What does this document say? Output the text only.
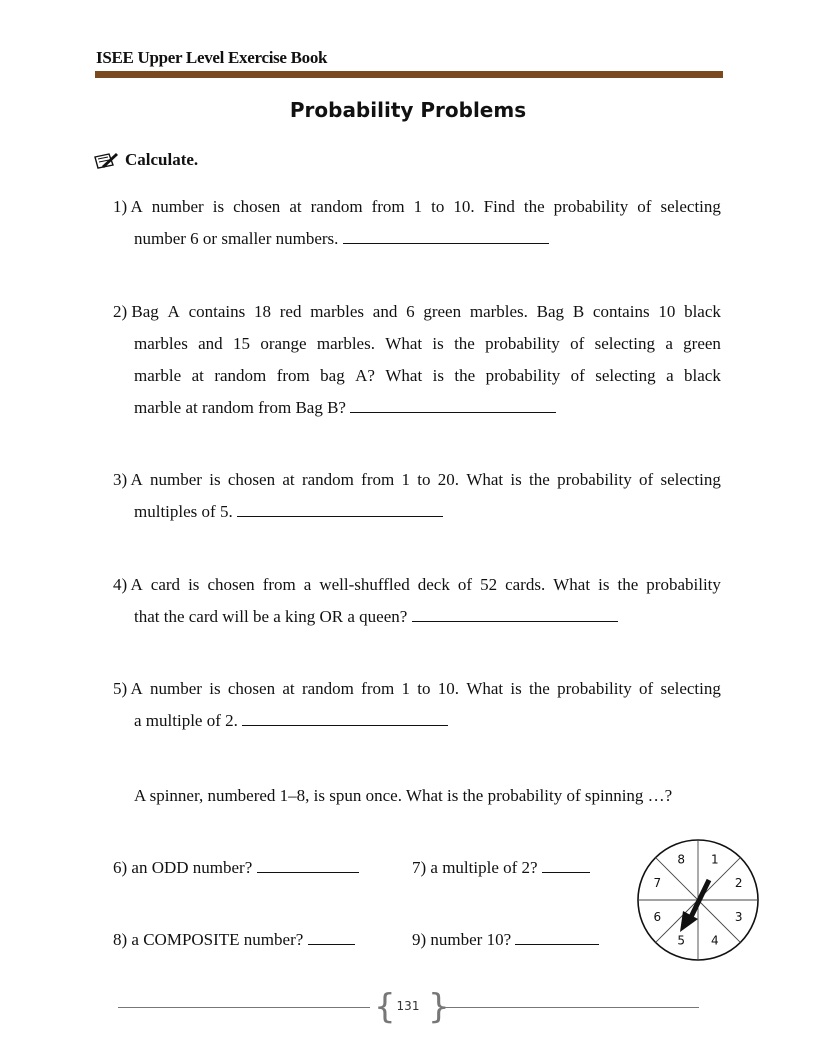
ISEE Upper Level Exercise Book
Probability Problems
Calculate.
1) A number is chosen at random from 1 to 10. Find the probability of selecting
number 6 or smaller numbers.
2) Bag A contains 18 red marbles and 6 green marbles. Bag B contains 10 black
marbles and 15 orange marbles. What is the probability of selecting a green
marble at random from bag A? What is the probability of selecting a black
marble at random from Bag B?
3) A number is chosen at random from 1 to 20. What is the probability of selecting
multiples of 5.
4) A card is chosen from a well-shuffled deck of 52 cards. What is the probability
that the card will be a king OR a queen?
5) A number is chosen at random from 1 to 10. What is the probability of selecting
a multiple of 2.
A spinner, numbered 1–8, is spun once. What is the probability of spinning …?
6) an ODD number?	7) a multiple of 2?
8) a COMPOSITE number?	9) number 10?
1
2
3
4
5
6
7
8
{ }
131
